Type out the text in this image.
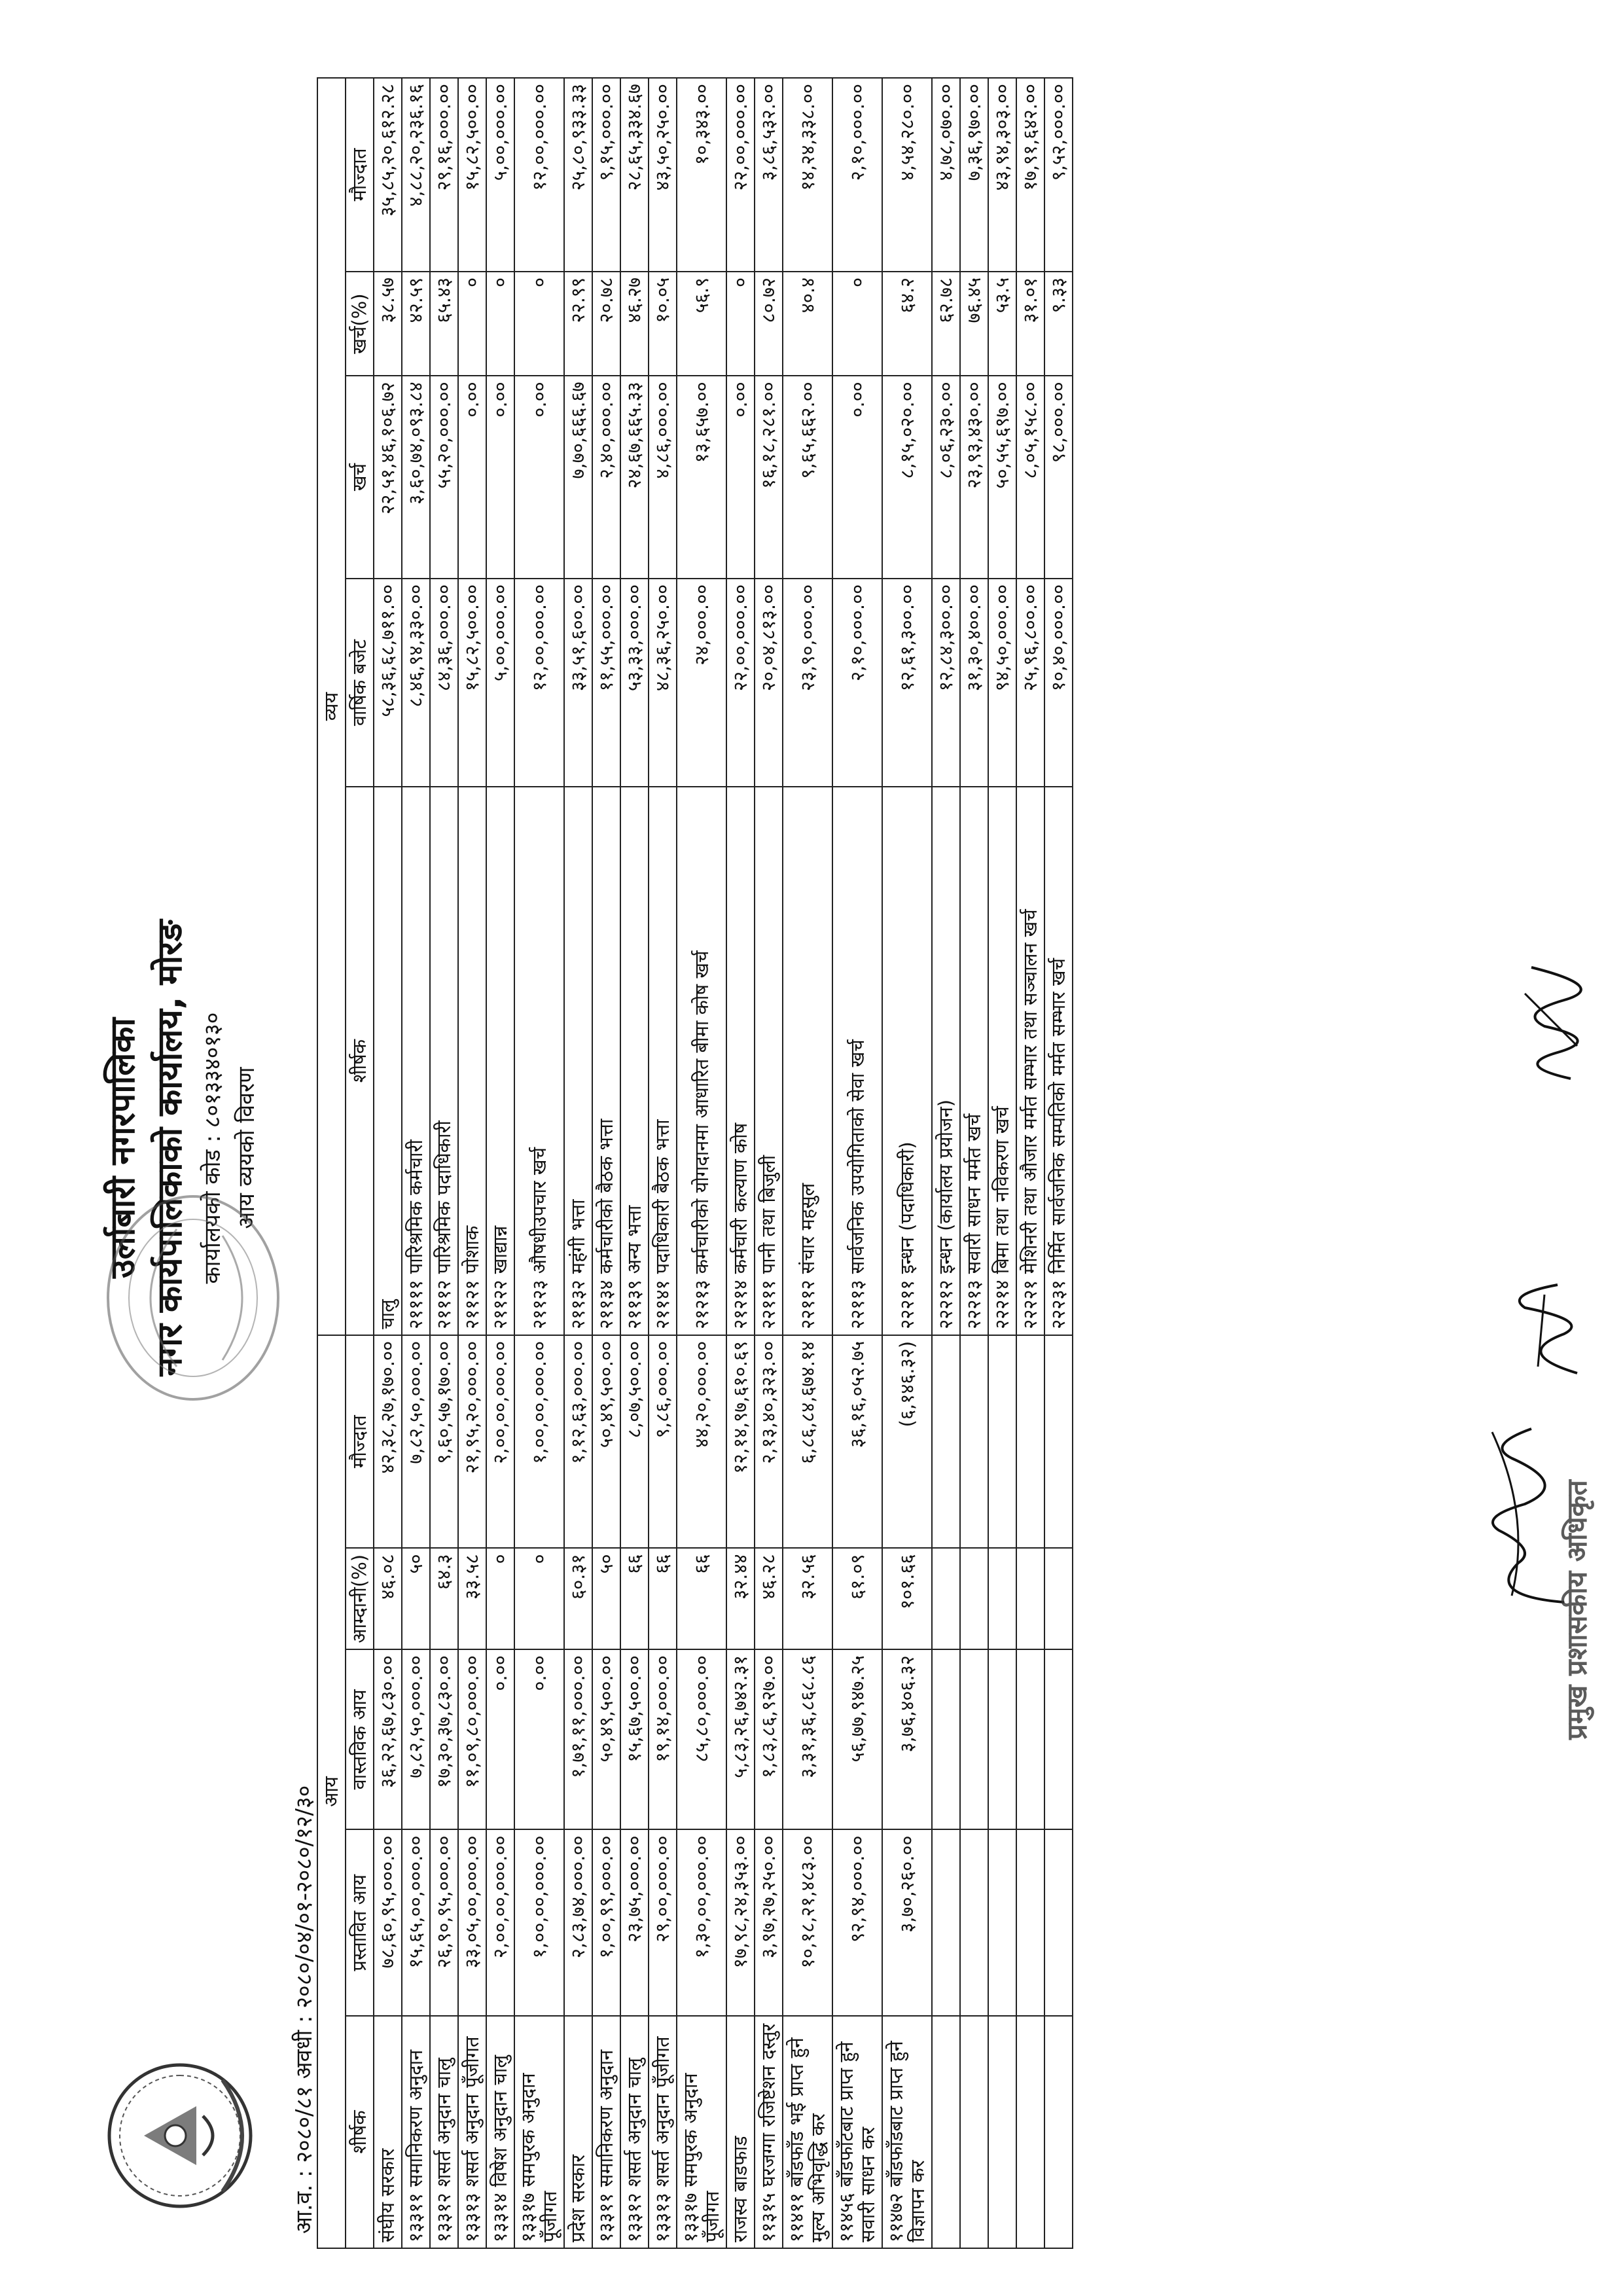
उर्लाबारी नगरपालिका नगर कार्यपालिकाको कार्यालय, मोरङ कार्यालयको कोड : ८०१३३४०१३० आय व्ययको विवरण
आ.व. : २०८०/८१ अवधी : २०८०/०४/०१-२०८०/१२/३० आय					व्यय				
शीर्षक	प्रस्तावित आय	वास्तविक आय	आम्दानी(%)	मौज्दात	शीर्षक	वार्षिक बजेट	खर्च	खर्च(%)	मौज्दात
संघीय सरकार	७८,६०,९५,०००.००	३६,२२,६७,८३०.००	४६.०८	४२,३८,२७,१७०.००	चालु	५८,३६,६८,७११.००	२२,५१,४६,१०६.७२	३८.५७	३५,८५,२०,६१२.२८
१३३११ समानिकरण अनुदान	१५,६५,००,०००.००	७,८२,५०,०००.००	५०	७,८२,५०,०००.००	२११११ पारिश्रमिक कर्मचारी	८,४६,९४,३३०.००	३,६०,७४,०९३.८४	४२.५९	४,८८,२०,२३६.१६
१३३१२ शसर्त अनुदान चालु	२६,९०,९५,०००.००	१७,३०,३७,८३०.००	६४.३	९,६०,५७,१७०.००	२१११२ पारिश्रमिक पदाधिकारी	८४,३६,०००.००	५५,२०,०००.००	६५.४३	२९,१६,०००.००
१३३१३ शसर्त अनुदान पूँजीगत	३३,०५,००,०००.००	११,०९,८०,०००.००	३३.५८	२१,९५,२०,०००.००	२११२१ पोशाक	१५,८२,५००.००	०.००	०	१५,८२,५००.००
१३३१४ विषेश अनुदान चालु	२,००,००,०००.००	०.००	०	२,००,००,०००.००	२११२२ खाद्यान्न	५,००,०००.००	०.००	०	५,००,०००.००
१३३१७ समपुरक अनुदान पूँजीगत	१,००,००,०००.००	०.००	०	१,००,००,०००.००	२११२३ औषधीउपचार खर्च	१२,००,०००.००	०.००	०	१२,००,०००.००
प्रदेश सरकार	२,८३,७४,०००.००	१,७१,११,०००.००	६०.३१	१,१२,६३,०००.००	२११३२ महंगी भत्ता	३३,५१,६००.००	७,७०,६६६.६७	२२.९९	२५,८०,९३३.३३
१३३११ समानिकरण अनुदान	१,००,९९,०००.००	५०,४९,५००.००	५०	५०,४९,५००.००	२११३४ कर्मचारीको बैठक भत्ता	११,५५,०००.००	२,४०,०००.००	२०.७८	९,१५,०००.००
१३३१२ शसर्त अनुदान चालु	२३,७५,०००.००	१५,६७,५००.००	६६	८,०७,५००.००	२११३९ अन्य भत्ता	५३,३३,०००.००	२४,६७,६६५.३३	४६.२७	२८,६५,३३४.६७
१३३१३ शसर्त अनुदान पूँजीगत	२९,००,०००.००	१९,१४,०००.००	६६	९,८६,०००.००	२११४१ पदाधिकारी बैठक भत्ता	४८,३६,२५०.००	४,८६,०००.००	१०.०५	४३,५०,२५०.००
१३३१७ समपुरक अनुदान पूँजीगत	१,३०,००,०००.००	८५,८०,०००.००	६६	४४,२०,०००.००	२१२१३ कर्मचारीको योगदानमा आधारित बीमा कोष खर्च	२४,०००.००	१३,६५७.००	५६.९	१०,३४३.००
राजस्व बाडफाड	१७,९८,२४,३५३.००	५,८३,२६,७४२.३१	३२.४४	१२,१४,९७,६१०.६९	२१२१४ कर्मचारी कल्याण कोष	२२,००,०००.००	०.००	०	२२,००,०००.००
११३१५ घरजग्गा रजिष्टेशन दस्तुर	३,९७,२७,२५०.००	१,८३,८६,९२७.००	४६.२८	२,१३,४०,३२३.००	२२१११ पानी तथा बिजुली	२०,०४,८१३.००	१६,१८,२८१.००	८०.७२	३,८६,५३२.००
११४११ बाँडफाँड भई प्राप्त हुने मुल्य अभिवृद्धि कर	१०,१८,२१,४८३.००	३,३१,३६,८६८.८६	३२.५६	६,८६,८४,६७४.१४	२२११२ संचार महसुल	२३,९०,०००.००	९,६५,६६२.००	४०.४	१४,२४,३३८.००
११४५६ बाँडफाँटबाट प्राप्त हुने सवारी साधन कर	९२,९४,०००.००	५६,७७,९४७.२५	६१.०९	३६,१६,०५२.७५	२२११३ सार्वजनिक उपयोगिताको सेवा खर्च	२,१०,०००.००	०.००	०	२,१०,०००.००
११४७२ बाँडफाँडबाट प्राप्त हुने विज्ञापन कर	३,७०,२६०.००	३,७६,४०६.३२	१०१.६६	(६,१४६.३२)	२२२११ इन्धन (पदाधिकारी)	१२,६१,३००.००	८,१५,०२०.००	६४.२	४,५४,२८०.००
					२२२१२ इन्धन (कार्यालय प्रयोजन)	१२,८४,३००.००	८,०६,२३०.००	६२.७८	४,७८,०७०.००
					२२२१३ सवारी साधन मर्मत खर्च	३१,३०,४००.००	२३,९३,४३०.००	७६.४५	७,३६,९७०.००
					२२२१४ बिमा तथा नविकरण खर्च	९४,५०,०००.००	५०,५५,६९७.००	५३.५	४३,९४,३०३.००
					२२२२१ मेशिनरी तथा औजार मर्मत सम्भार तथा सञ्चालन खर्च	२५,९६,८००.००	८,०५,१५८.००	३१.०१	१७,९१,६४२.००
					२२२३१ निर्मित सार्वजनिक सम्पतिको मर्मत सम्भार खर्च	१०,४०,०००.००	९८,०००.००	९.३३	९,५२,०००.००
प्रमुख प्रशासकीय अधिकृत
